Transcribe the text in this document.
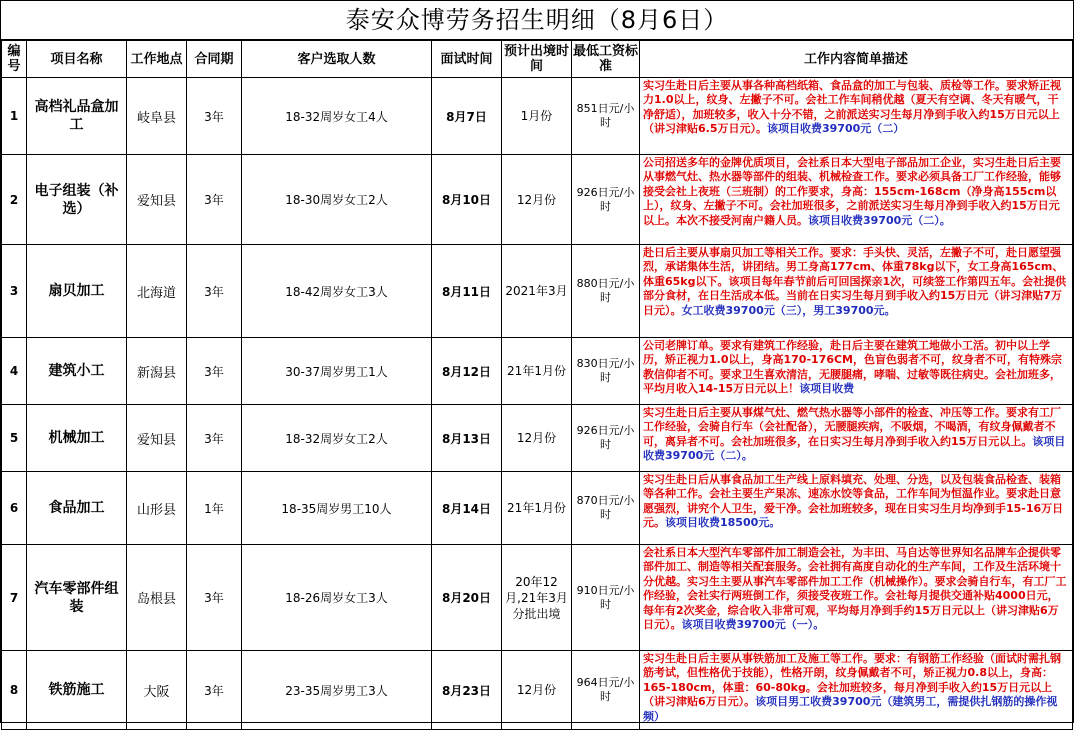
泰安众博劳务招生明细（8月6日）
编号	项目名称	工作地点	合同期	客户选取人数	面试时间	预计出境时间	最低工资标准	工作内容简单描述
1	高档礼品盒加工	岐阜县	3年	18-32周岁女工4人	8月7日	1月份	851日元/小时	实习生赴日后主要从事各种高档纸箱、食品盒的加工与包装、质检等工作。要求矫正视力1.0以上，纹身、左撇子不可。会社工作车间稍优越（夏天有空调、冬天有暖气，干净舒适），加班较多，收入十分不错，之前派送实习生每月净到手收入约15万日元以上（讲习津贴6.5万日元）。该项目收费39700元（二）
2	电子组装（补选）	爱知县	3年	18-30周岁女工2人	8月10日	12月份	926日元/小时	公司招送多年的金牌优质项目，会社系日本大型电子部品加工企业，实习生赴日后主要从事燃气灶、热水器等部件的组装、机械检查工作。要求必须具备工厂工作经验，能够接受会社上夜班（三班制）的工作要求，身高：155cm-168cm（净身高155cm以上），纹身、左撇子不可。会社加班很多，之前派送实习生每月净到手收入约15万日元以上。本次不接受河南户籍人员。该项目收费39700元（二）。
3	扇贝加工	北海道	3年	18-42周岁女工3人	8月11日	2021年3月	880日元/小时	赴日后主要从事扇贝加工等相关工作。要求：手头快、灵活，左撇子不可，赴日愿望强烈，承诺集体生活，讲团结。男工身高177cm、体重78kg以下，女工身高165cm、体重65kg以下。该项目每年春节前后可回国探亲1次，可续签工作第四五年。会社提供部分食材，在日生活成本低。当前在日实习生每月到手收入约15万日元（讲习津贴7万日元）。女工收费39700元（三），男工39700元。
4	建筑小工	新潟县	3年	30-37周岁男工1人	8月12日	21年1月份	830日元/小时	公司老牌订单。要求有建筑工作经验，赴日后主要在建筑工地做小工活。初中以上学历，矫正视力1.0以上，身高170-176CM，色盲色弱者不可，纹身者不可，有特殊宗教信仰者不可。要求卫生喜欢清洁，无腰腿痛，哮喘、过敏等既往病史。会社加班多，平均月收入14-15万日元以上！该项目收费
5	机械加工	爱知县	3年	18-32周岁女工2人	8月13日	12月份	926日元/小时	实习生赴日后主要从事煤气灶、燃气热水器等小部件的检查、冲压等工作。要求有工厂工作经验，会骑自行车（会社配备），无腰腿疾病，不吸烟，不喝酒，有纹身佩戴者不可，离异者不可。会社加班很多，在日实习生每月净到手收入约15万日元以上。该项目收费39700元（二）。
6	食品加工	山形县	1年	18-35周岁男工10人	8月14日	21年1月份	870日元/小时	实习生赴日后从事食品加工生产线上原料填充、处理、分选，以及包装食品检查、装箱等各种工作。会社主要生产果冻、速冻水饺等食品，工作车间为恒温作业。要求赴日意愿强烈，讲究个人卫生，爱干净。会社加班较多，现在日实习生月均净到手15-16万日元。该项目收费18500元。
7	汽车零部件组装	岛根县	3年	18-26周岁女工3人	8月20日	20年12月,21年3月分批出境	910日元/小时	会社系日本大型汽车零部件加工制造会社，为丰田、马自达等世界知名品牌车企提供零部件加工、制造等相关配套服务。会社拥有高度自动化的生产车间，工作及生活环境十分优越。实习生主要从事汽车零部件加工工作（机械操作）。要求会骑自行车，有工厂工作经验，会社实行两班倒工作，须接受夜班工作。会社每月提供交通补贴4000日元，每年有2次奖金，综合收入非常可观，平均每月净到手约15万日元以上（讲习津贴6万日元）。该项目收费39700元（一）。
8	铁筋施工	大阪	3年	23-35周岁男工3人	8月23日	12月份	964日元/小时	实习生赴日后主要从事铁筋加工及施工等工作。要求：有钢筋工作经验（面试时需扎钢筋考试，但性格优于技能），性格开朗，纹身佩戴者不可，矫正视力0.8以上，身高：165-180cm，体重：60-80kg。会社加班较多，每月净到手收入约15万日元以上（讲习津贴6万日元）。该项目男工收费39700元（建筑男工，需提供扎钢筋的操作视频）
